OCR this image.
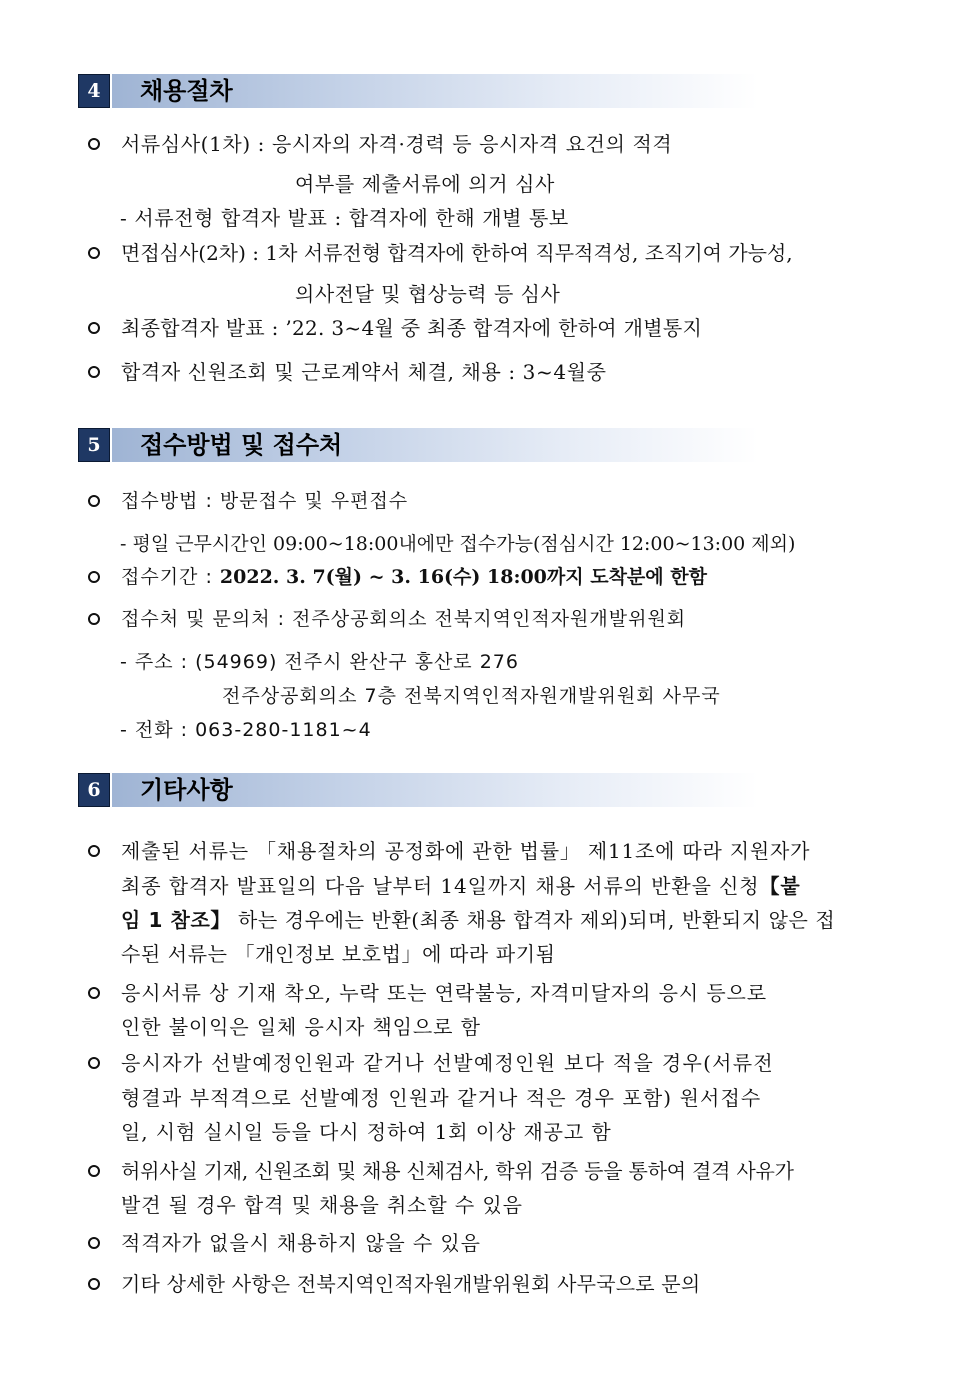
4	채용절차
서류심사(1차) : 응시자의 자격·경력 등 응시자격 요건의 적격
여부를 제출서류에 의거 심사
- 서류전형 합격자 발표 : 합격자에 한해 개별 통보
면접심사(2차) : 1차 서류전형 합격자에 한하여 직무적격성, 조직기여 가능성,
의사전달 및 협상능력 등 심사
최종합격자 발표 : ’22. 3~4월 중 최종 합격자에 한하여 개별통지
합격자 신원조회 및 근로계약서 체결, 채용 : 3~4월중
5	접수방법 및 접수처
접수방법 : 방문접수 및 우편접수
- 평일 근무시간인 09:00~18:00내에만 접수가능(점심시간 12:00~13:00 제외)
접수기간 : 2022. 3. 7(월) ~ 3. 16(수) 18:00까지 도착분에 한함
접수처 및 문의처 : 전주상공회의소 전북지역인적자원개발위원회
- 주소 : (54969) 전주시 완산구 홍산로 276
전주상공회의소 7층 전북지역인적자원개발위원회 사무국
- 전화 : 063-280-1181~4
6	기타사항
제출된 서류는 「채용절차의 공정화에 관한 법률」 제11조에 따라 지원자가
최종 합격자 발표일의 다음 날부터 14일까지 채용 서류의 반환을 신청【붙
임 1 참조】 하는 경우에는 반환(최종 채용 합격자 제외)되며, 반환되지 않은 접
수된 서류는 「개인정보 보호법」에 따라 파기됨
응시서류 상 기재 착오, 누락 또는 연락불능, 자격미달자의 응시 등으로
인한 불이익은 일체 응시자 책임으로 함
응시자가 선발예정인원과 같거나 선발예정인원 보다 적을 경우(서류전
형결과 부적격으로 선발예정 인원과 같거나 적은 경우 포함) 원서접수
일, 시험 실시일 등을 다시 정하여 1회 이상 재공고 함
허위사실 기재, 신원조회 및 채용 신체검사, 학위 검증 등을 통하여 결격 사유가
발견 될 경우 합격 및 채용을 취소할 수 있음
적격자가 없을시 채용하지 않을 수 있음
기타 상세한 사항은 전북지역인적자원개발위원회 사무국으로 문의
